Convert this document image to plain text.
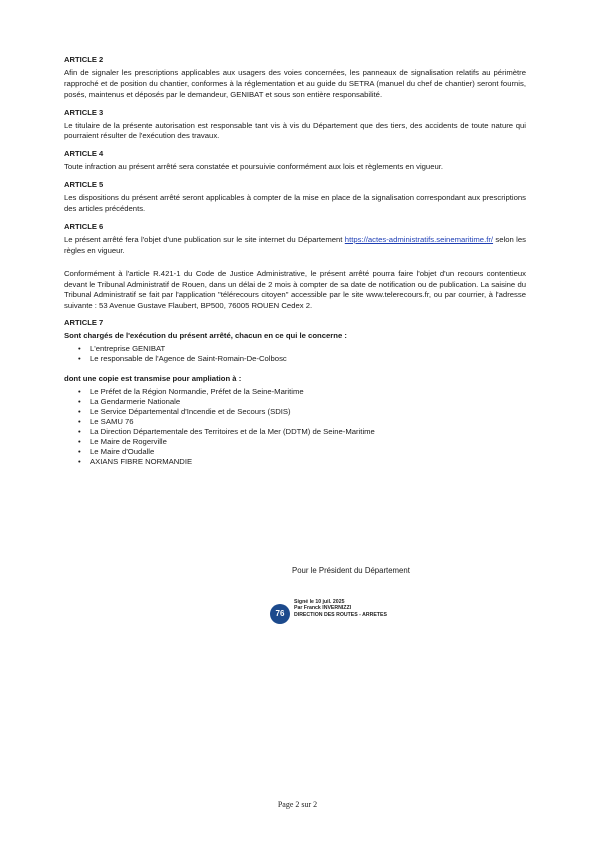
ARTICLE 2

Afin de signaler les prescriptions applicables aux usagers des voies concernées, les panneaux de signalisation relatifs au périmètre rapproché et de position du chantier, conformes à la réglementation et au guide du SETRA (manuel du chef de chantier) seront fournis, posés, maintenus et déposés par le demandeur, GENIBAT et sous son entière responsabilité.

ARTICLE 3

Le titulaire de la présente autorisation est responsable tant vis à vis du Département que des tiers, des accidents de toute nature qui pourraient résulter de l'exécution des travaux.

ARTICLE 4

Toute infraction au présent arrêté sera constatée et poursuivie conformément aux lois et règlements en vigueur.

ARTICLE 5

Les dispositions du présent arrêté seront applicables à compter de la mise en place de la signalisation correspondant aux prescriptions des articles précédents.

ARTICLE 6

Le présent arrêté fera l'objet d'une publication sur le site internet du Département https://actes-administratifs.seinemaritime.fr/ selon les règles en vigueur.

Conformément à l'article R.421-1 du Code de Justice Administrative, le présent arrêté pourra faire l'objet d'un recours contentieux devant le Tribunal Administratif de Rouen, dans un délai de 2 mois à compter de sa date de notification ou de publication. La saisine du Tribunal Administratif se fait par l'application "télérecours citoyen" accessible par le site www.telerecours.fr, ou par courrier, à l'adresse suivante : 53 Avenue Gustave Flaubert, BP500, 76005 ROUEN Cedex 2.

ARTICLE 7

Sont chargés de l'exécution du présent arrêté, chacun en ce qui le concerne :

• L'entreprise GENIBAT
• Le responsable de l'Agence de Saint-Romain-De-Colbosc

dont une copie est transmise pour ampliation à :

• Le Préfet de la Région Normandie, Préfet de la Seine-Maritime
• La Gendarmerie Nationale
• Le Service Départemental d'Incendie et de Secours (SDIS)
• Le SAMU 76
• La Direction Départementale des Territoires et de la Mer (DDTM) de Seine-Maritime
• Le Maire de Rogerville
• Le Maire d'Oudalle
• AXIANS FIBRE NORMANDIE
Pour le Président du Département
76
Signé le 10 juil. 2025
Par Franck INVERNIZZI
DIRECTION DES ROUTES - ARRETES
Page 2 sur 2
